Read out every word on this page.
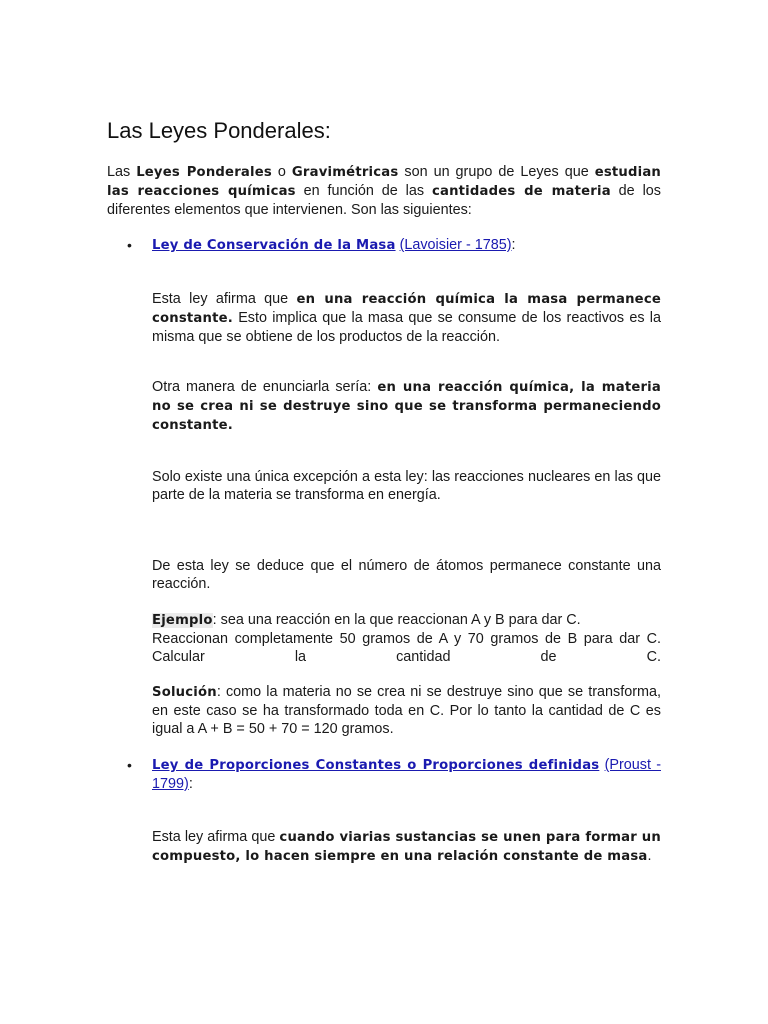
Las Leyes Ponderales:

Las Leyes Ponderales o Gravimétricas son un grupo de Leyes que estudian las reacciones químicas en función de las cantidades de materia de los diferentes elementos que intervienen. Son las siguientes:

• Ley de Conservación de la Masa (Lavoisier - 1785):

Esta ley afirma que en una reacción química la masa permanece constante. Esto implica que la masa que se consume de los reactivos es la misma que se obtiene de los productos de la reacción.

Otra manera de enunciarla sería: en una reacción química, la materia no se crea ni se destruye sino que se transforma permaneciendo constante.

Solo existe una única excepción a esta ley: las reacciones nucleares en las que parte de la materia se transforma en energía.

De esta ley se deduce que el número de átomos permanece constante una reacción.

Ejemplo: sea una reacción en la que reaccionan A y B para dar C.
Reaccionan completamente 50 gramos de A y 70 gramos de B para dar C.
Calcular la cantidad de C.

Solución: como la materia no se crea ni se destruye sino que se transforma, en este caso se ha transformado toda en C. Por lo tanto la cantidad de C es igual a A + B = 50 + 70 = 120 gramos.

• Ley de Proporciones Constantes o Proporciones definidas (Proust - 1799):

Esta ley afirma que cuando viarias sustancias se unen para formar un compuesto, lo hacen siempre en una relación constante de masa.
